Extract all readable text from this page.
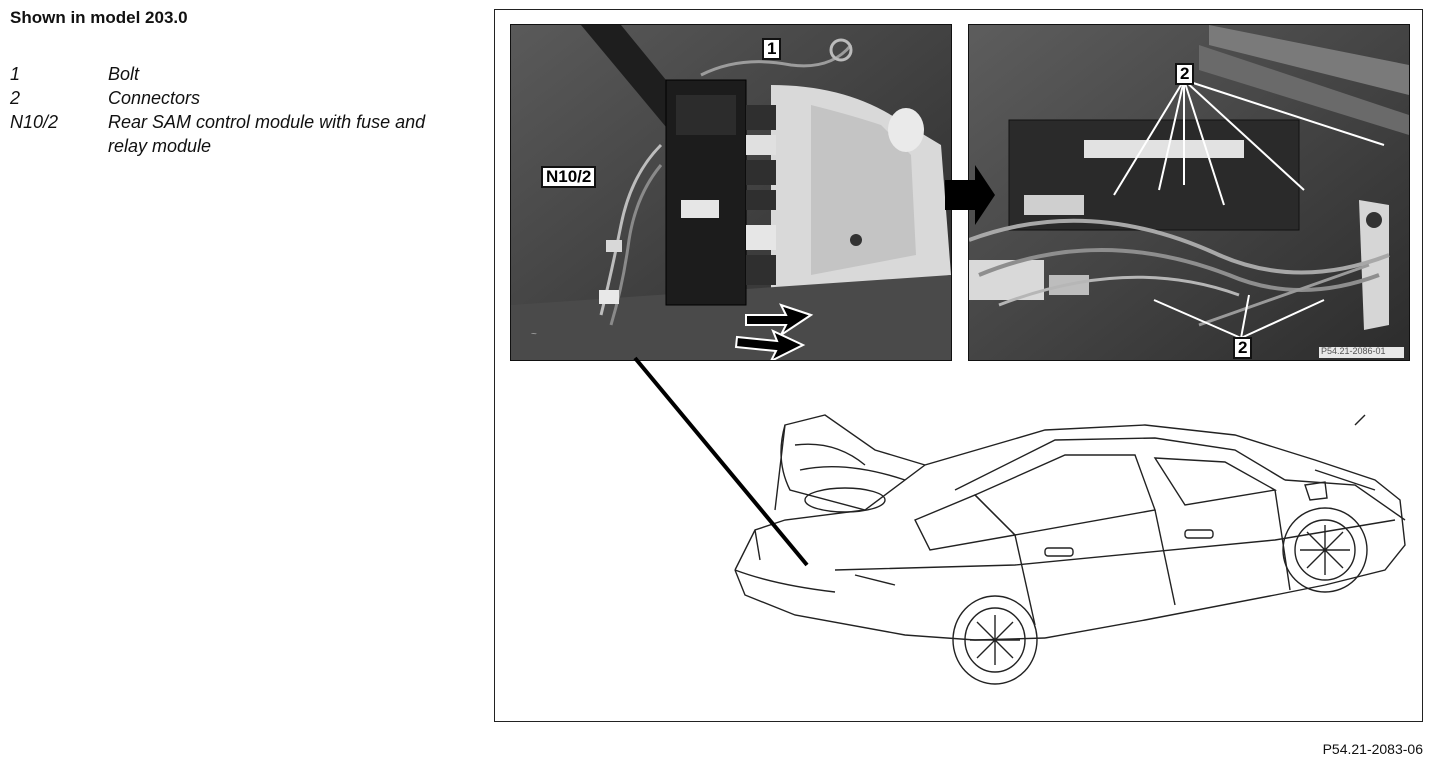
Shown in model 203.0
1	Bolt
2	Connectors
N10/2	Rear SAM control module with fuse and relay module
~
2
2	P54.21-2086-01
1
N10/2
P54.21-2083-06
